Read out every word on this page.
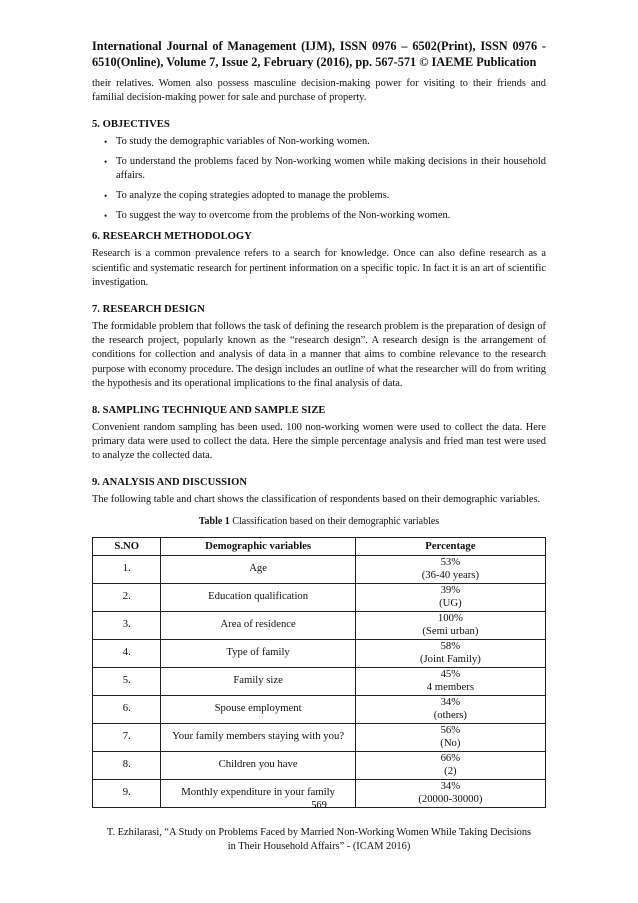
International Journal of Management (IJM), ISSN 0976 – 6502(Print), ISSN 0976 -
6510(Online), Volume 7, Issue 2, February (2016), pp. 567-571 © IAEME Publication

their relatives. Women also possess masculine decision-making power for visiting to their friends and familial decision-making power for sale and purchase of property.

5. OBJECTIVES
• To study the demographic variables of Non-working women.
• To understand the problems faced by Non-working women while making decisions in their household affairs.
• To analyze the coping strategies adopted to manage the problems.
• To suggest the way to overcome from the problems of the Non-working women.
6. RESEARCH METHODOLOGY

Research is a common prevalence refers to a search for knowledge. Once can also define research as a scientific and systematic research for pertinent information on a specific topic. In fact it is an art of scientific investigation.

7. RESEARCH DESIGN

The formidable problem that follows the task of defining the research problem is the preparation of design of the research project, popularly known as the “research design”. A research design is the arrangement of conditions for collection and analysis of data in a manner that aims to combine relevance to the research purpose with economy procedure. The design includes an outline of what the researcher will do from writing the hypothesis and its operational implications to the final analysis of data.

8. SAMPLING TECHNIQUE AND SAMPLE SIZE

Convenient random sampling has been used. 100 non-working women were used to collect the data. Here primary data were used to collect the data. Here the simple percentage analysis and fried man test were used to analyze the collected data.

9. ANALYSIS AND DISCUSSION

The following table and chart shows the classification of respondents based on their demographic variables.

Table 1 Classification based on their demographic variables
S.NO	Demographic variables	Percentage
1.	Age	53%
(36-40 years)
2.	Education qualification	39%
(UG)
3.	Area of residence	100%
(Semi urban)
4.	Type of family	58%
(Joint Family)
5.	Family size	45%
4 members
6.	Spouse employment	34%
(others)
7.	Your family members staying with you?	56%
(No)
8.	Children you have	66%
(2)
9.	Monthly expenditure in your family	34%
(20000-30000)
569
T. Ezhilarasi, “A Study on Problems Faced by Married Non-Working Women While Taking Decisions
in Their Household Affairs” - (ICAM 2016)
